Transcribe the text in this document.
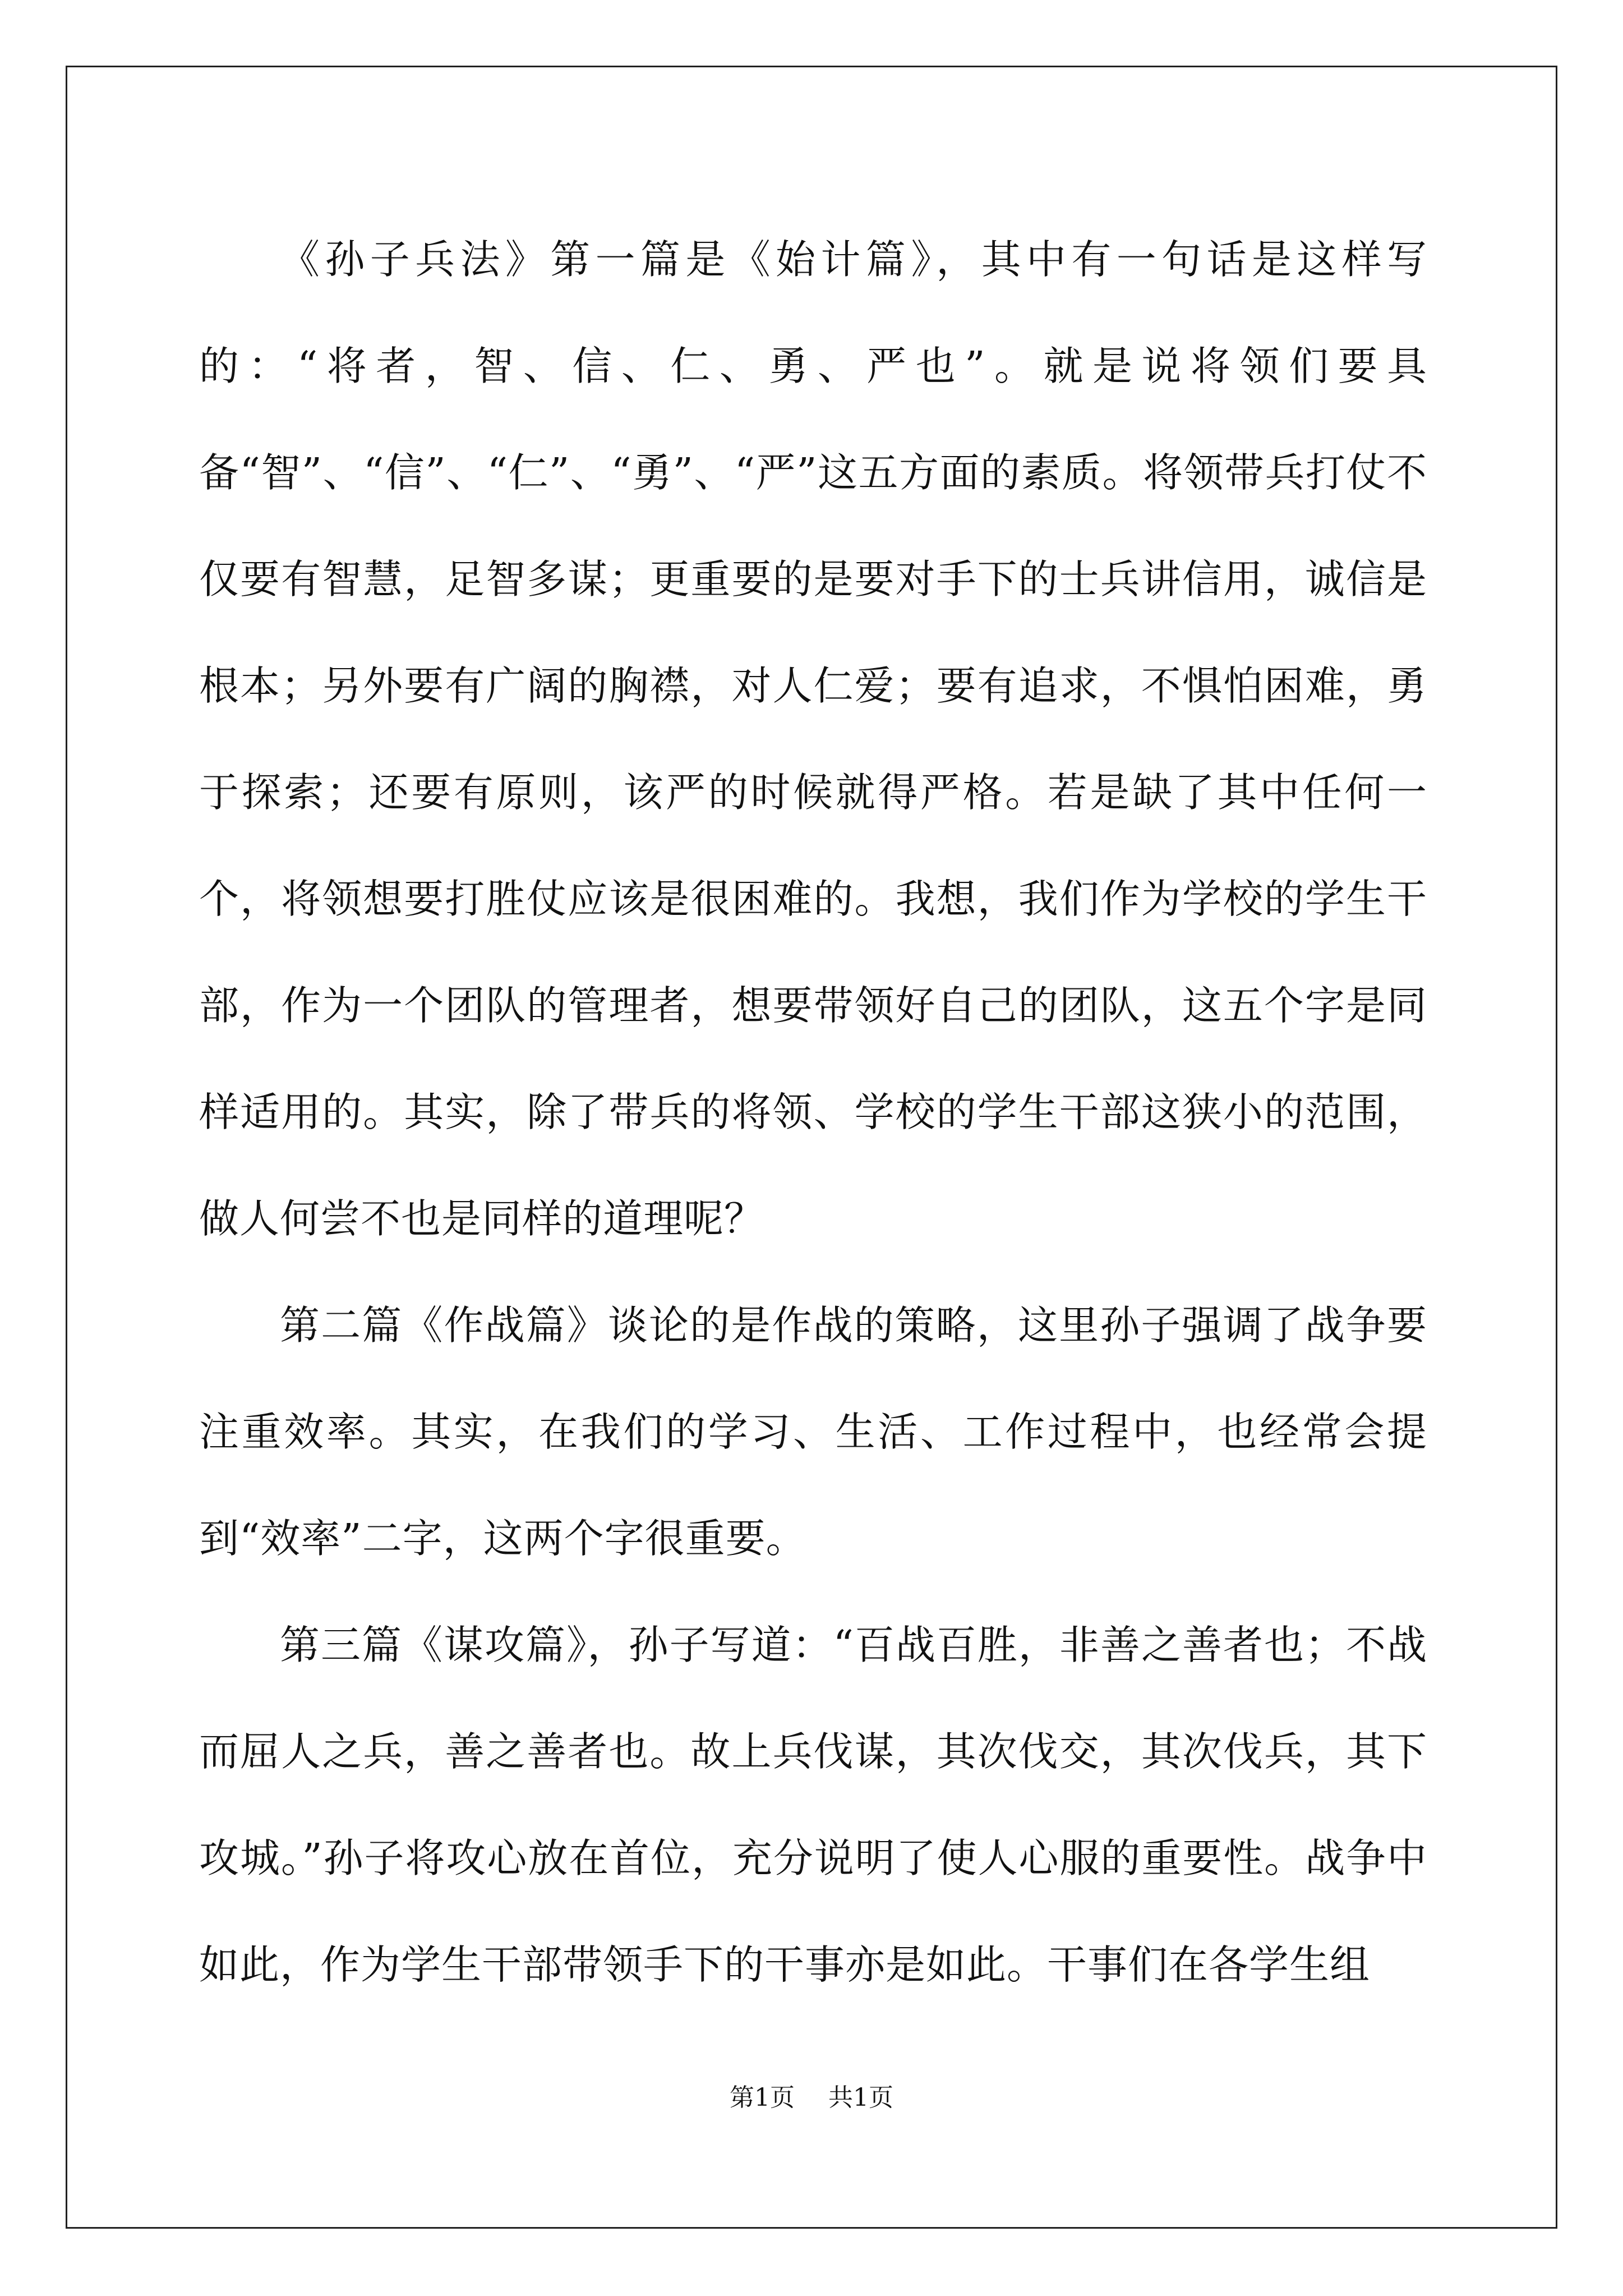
《孙子兵法》第一篇是《始计篇》，其中有一句话是这样写的：“将者，智、信、仁、勇、严也”。就是说将领们要具备“智”、“信”、“仁”、“勇”、“严”这五方面的素质。将领带兵打仗不仅要有智慧，足智多谋；更重要的是要对手下的士兵讲信用，诚信是根本；另外要有广阔的胸襟，对人仁爱；要有追求，不惧怕困难，勇于探索；还要有原则，该严的时候就得严格。若是缺了其中任何一个，将领想要打胜仗应该是很困难的。我想，我们作为学校的学生干部，作为一个团队的管理者，想要带领好自己的团队，这五个字是同样适用的。其实，除了带兵的将领、学校的学生干部这狭小的范围，做人何尝不也是同样的道理呢？

第二篇《作战篇》谈论的是作战的策略，这里孙子强调了战争要注重效率。其实，在我们的学习、生活、工作过程中，也经常会提到“效率”二字，这两个字很重要。

第三篇《谋攻篇》，孙子写道：“百战百胜，非善之善者也；不战而屈人之兵，善之善者也。故上兵伐谋，其次伐交，其次伐兵，其下攻城。”孙子将攻心放在首位，充分说明了使人心服的重要性。战争中如此，作为学生干部带领手下的干事亦是如此。干事们在各学生组

第1页 共1页
